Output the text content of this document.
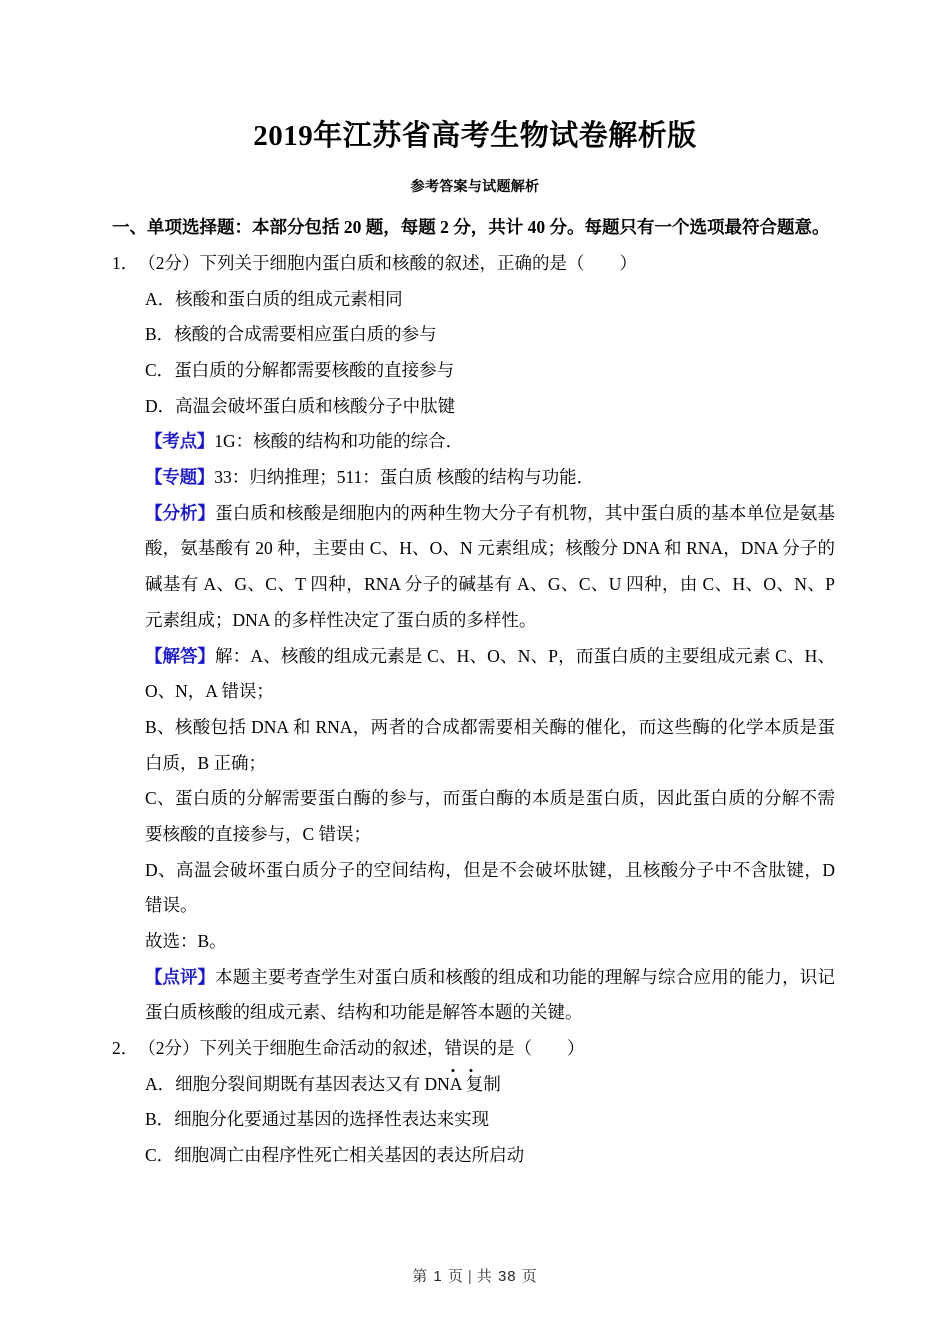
2019年江苏省高考生物试卷解析版
参考答案与试题解析
一、单项选择题：本部分包括 20 题，每题 2 分，共计 40 分。每题只有一个选项最符合题意。
1．（2分）下列关于细胞内蛋白质和核酸的叙述，正确的是（　　）
A．核酸和蛋白质的组成元素相同
B．核酸的合成需要相应蛋白质的参与
C．蛋白质的分解都需要核酸的直接参与
D．高温会破坏蛋白质和核酸分子中肽键
【考点】1G：核酸的结构和功能的综合．
【专题】33：归纳推理；511：蛋白质 核酸的结构与功能．
【分析】蛋白质和核酸是细胞内的两种生物大分子有机物，其中蛋白质的基本单位是氨基酸，氨基酸有 20 种，主要由 C、H、O、N 元素组成；核酸分 DNA 和 RNA，DNA 分子的碱基有 A、G、C、T 四种，RNA 分子的碱基有 A、G、C、U 四种，由 C、H、O、N、P 元素组成；DNA 的多样性决定了蛋白质的多样性。
【解答】解：A、核酸的组成元素是 C、H、O、N、P，而蛋白质的主要组成元素 C、H、O、N，A 错误；
B、核酸包括 DNA 和 RNA，两者的合成都需要相关酶的催化，而这些酶的化学本质是蛋白质，B 正确；
C、蛋白质的分解需要蛋白酶的参与，而蛋白酶的本质是蛋白质，因此蛋白质的分解不需要核酸的直接参与，C 错误；
D、高温会破坏蛋白质分子的空间结构，但是不会破坏肽键，且核酸分子中不含肽键，D 错误。
故选：B。
【点评】本题主要考查学生对蛋白质和核酸的组成和功能的理解与综合应用的能力，识记蛋白质核酸的组成元素、结构和功能是解答本题的关键。
2．（2分）下列关于细胞生命活动的叙述，错误的是（　　）
A．细胞分裂间期既有基因表达又有 DNA 复制
B．细胞分化要通过基因的选择性表达来实现
C．细胞凋亡由程序性死亡相关基因的表达所启动
第 1 页 | 共 38 页
